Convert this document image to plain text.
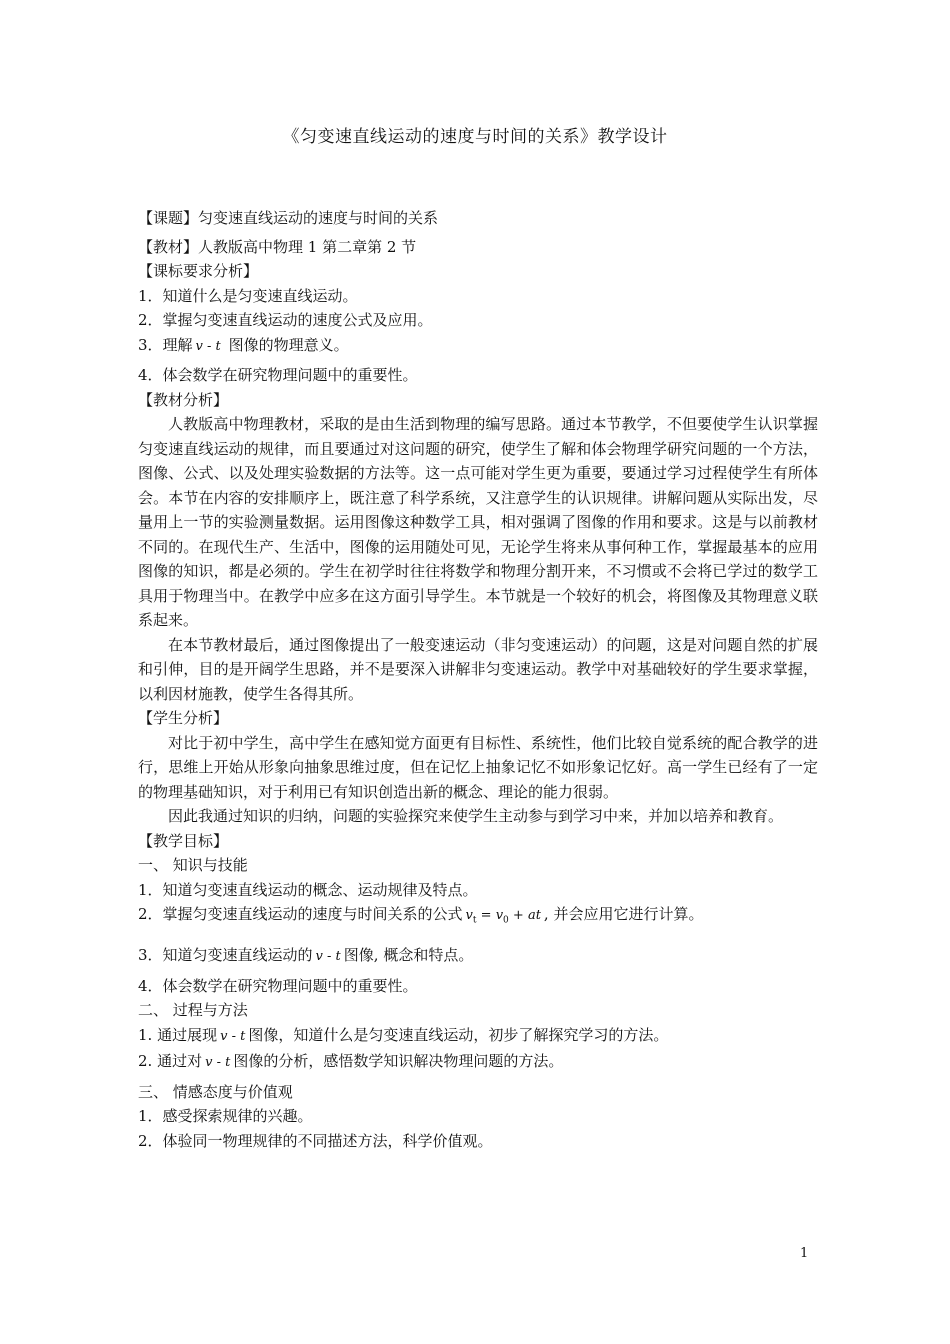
《匀变速直线运动的速度与时间的关系》教学设计
【课题】匀变速直线运动的速度与时间的关系
【教材】人教版高中物理 1 第二章第 2 节
【课标要求分析】
1．知道什么是匀变速直线运动。
2．掌握匀变速直线运动的速度公式及应用。
3．理解 v - t 图像的物理意义。
4．体会数学在研究物理问题中的重要性。
【教材分析】
人教版高中物理教材，采取的是由生活到物理的编写思路。通过本节教学，不但要使学生认识掌握匀变速直线运动的规律，而且要通过对这问题的研究，使学生了解和体会物理学研究问题的一个方法，图像、公式、以及处理实验数据的方法等。这一点可能对学生更为重要，要通过学习过程使学生有所体会。本节在内容的安排顺序上，既注意了科学系统，又注意学生的认识规律。讲解问题从实际出发，尽量用上一节的实验测量数据。运用图像这种数学工具，相对强调了图像的作用和要求。这是与以前教材不同的。在现代生产、生活中，图像的运用随处可见，无论学生将来从事何种工作，掌握最基本的应用图像的知识，都是必须的。学生在初学时往往将数学和物理分割开来，不习惯或不会将已学过的数学工具用于物理当中。在教学中应多在这方面引导学生。本节就是一个较好的机会，将图像及其物理意义联系起来。
在本节教材最后，通过图像提出了一般变速运动（非匀变速运动）的问题，这是对问题自然的扩展和引伸，目的是开阔学生思路，并不是要深入讲解非匀变速运动。教学中对基础较好的学生要求掌握，以利因材施教，使学生各得其所。
【学生分析】
对比于初中学生，高中学生在感知觉方面更有目标性、系统性，他们比较自觉系统的配合教学的进行，思维上开始从形象向抽象思维过度，但在记忆上抽象记忆不如形象记忆好。高一学生已经有了一定的物理基础知识，对于利用已有知识创造出新的概念、理论的能力很弱。
因此我通过知识的归纳，问题的实验探究来使学生主动参与到学习中来，并加以培养和教育。
【教学目标】
一、 知识与技能
1．知道匀变速直线运动的概念、运动规律及特点。
2．掌握匀变速直线运动的速度与时间关系的公式 $v_t = v_0$ + at , 并会应用它进行计算。
3．知道匀变速直线运动的 v - t 图像, 概念和特点。
4．体会数学在研究物理问题中的重要性。
二、 过程与方法
1. 通过展现 v - t 图像，知道什么是匀变速直线运动，初步了解探究学习的方法。
2. 通过对 v - t 图像的分析，感悟数学知识解决物理问题的方法。
三、 情感态度与价值观
1．感受探索规律的兴趣。
2．体验同一物理规律的不同描述方法，科学价值观。
1
